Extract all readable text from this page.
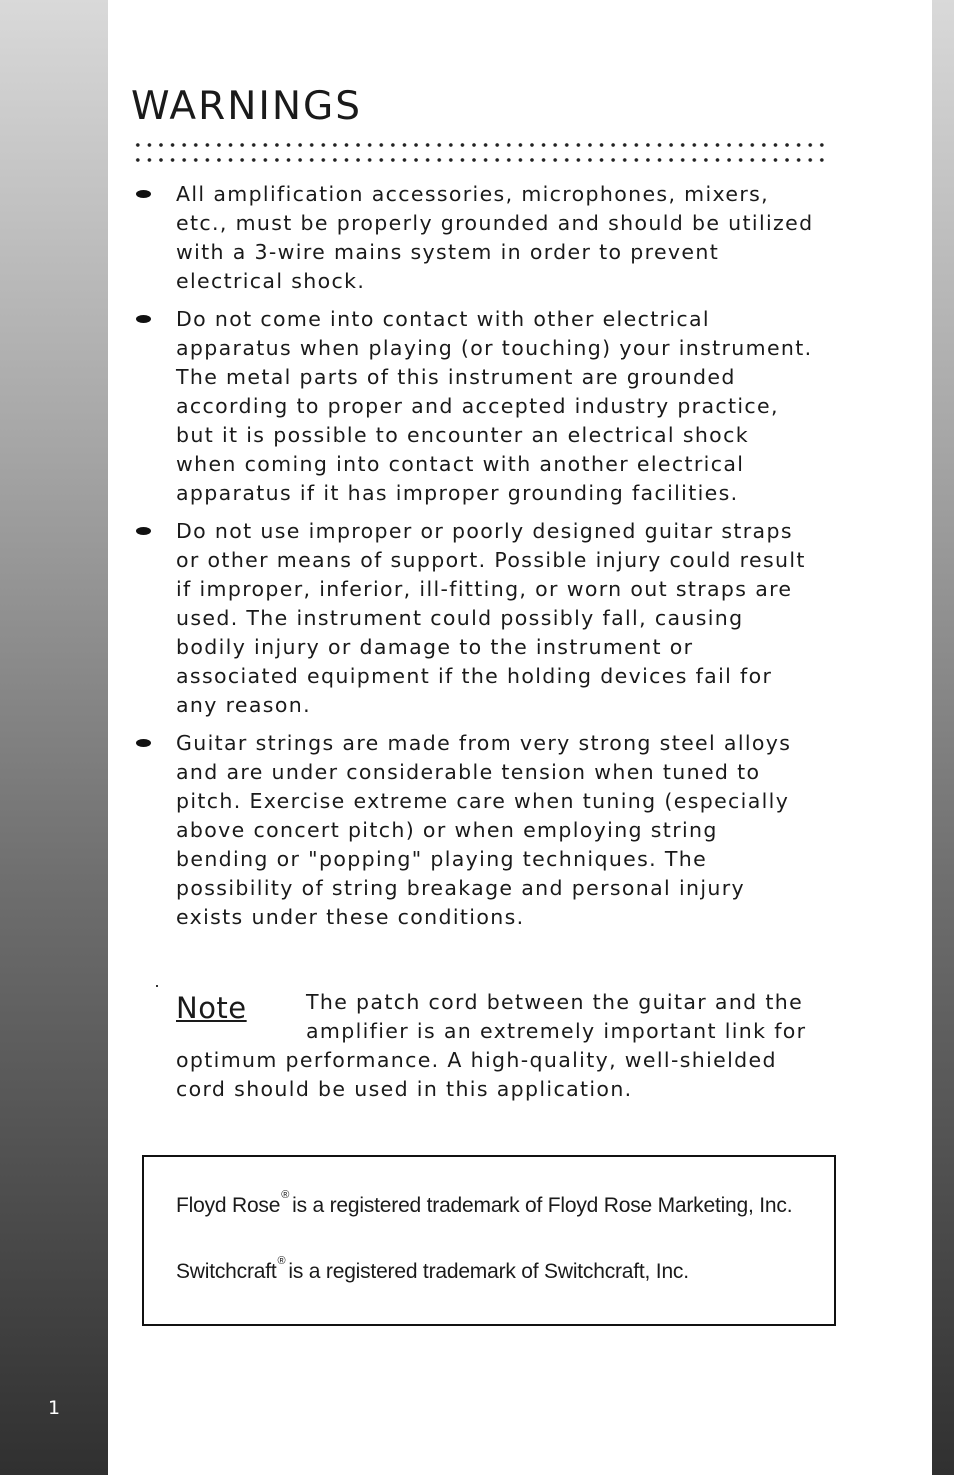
1
WARNINGS

All amplification accessories, microphones, mixers, etc., must be properly grounded and should be utilized with a 3-wire mains system in order to prevent electrical shock.

Do not come into contact with other electrical apparatus when playing (or touching) your instrument. The metal parts of this instrument are grounded according to proper and accepted industry practice, but it is possible to encounter an electrical shock when coming into contact with another electrical apparatus if it has improper grounding facilities.

Do not use improper or poorly designed guitar straps or other means of support. Possible injury could result if improper, inferior, ill-fitting, or worn out straps are used. The instrument could possibly fall, causing bodily injury or damage to the instrument or associated equipment if the holding devices fail for any reason.

Guitar strings are made from very strong steel alloys and are under considerable tension when tuned to pitch. Exercise extreme care when tuning (especially above concert pitch) or when employing string bending or "popping" playing techniques. The possibility of string breakage and personal injury exists under these conditions.

Note	The patch cord between the guitar and the amplifier is an extremely important link for optimum performance. A high-quality, well-shielded cord should be used in this application.

Floyd Rose® is a registered trademark of Floyd Rose Marketing, Inc.

Switchcraft® is a registered trademark of Switchcraft, Inc.
